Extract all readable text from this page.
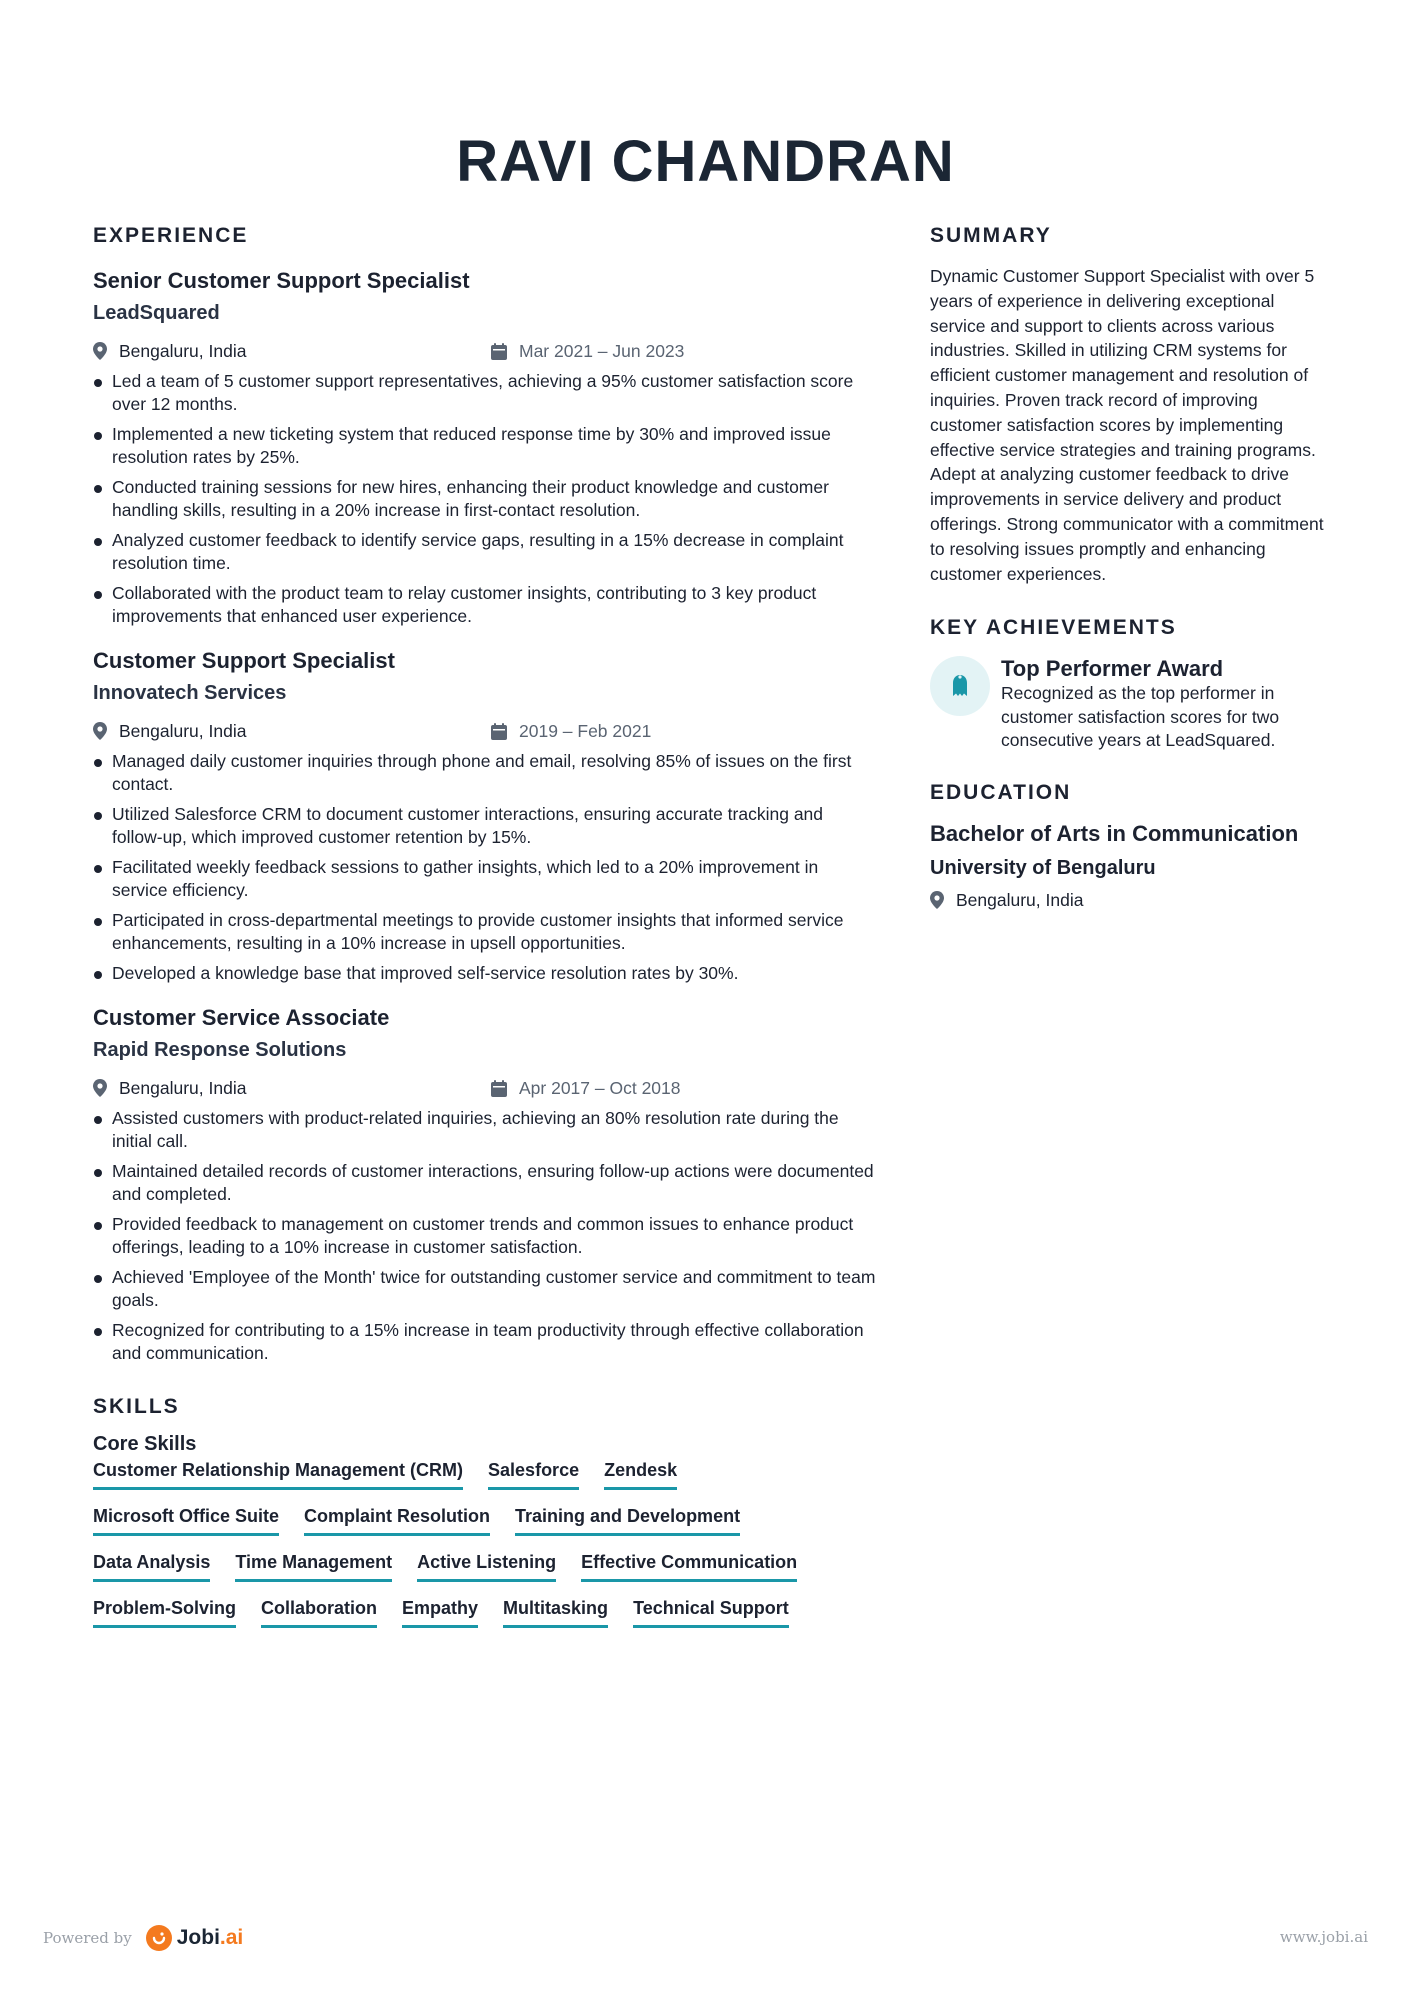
RAVI CHANDRAN
EXPERIENCE
Senior Customer Support Specialist
LeadSquared
Bengaluru, India	Mar 2021 – Jun 2023
Led a team of 5 customer support representatives, achieving a 95% customer satisfaction score over 12 months.
Implemented a new ticketing system that reduced response time by 30% and improved issue resolution rates by 25%.
Conducted training sessions for new hires, enhancing their product knowledge and customer handling skills, resulting in a 20% increase in first-contact resolution.
Analyzed customer feedback to identify service gaps, resulting in a 15% decrease in complaint resolution time.
Collaborated with the product team to relay customer insights, contributing to 3 key product improvements that enhanced user experience.
Customer Support Specialist
Innovatech Services
Bengaluru, India	2019 – Feb 2021
Managed daily customer inquiries through phone and email, resolving 85% of issues on the first contact.
Utilized Salesforce CRM to document customer interactions, ensuring accurate tracking and follow-up, which improved customer retention by 15%.
Facilitated weekly feedback sessions to gather insights, which led to a 20% improvement in service efficiency.
Participated in cross-departmental meetings to provide customer insights that informed service enhancements, resulting in a 10% increase in upsell opportunities.
Developed a knowledge base that improved self-service resolution rates by 30%.
Customer Service Associate
Rapid Response Solutions
Bengaluru, India	Apr 2017 – Oct 2018
Assisted customers with product-related inquiries, achieving an 80% resolution rate during the initial call.
Maintained detailed records of customer interactions, ensuring follow-up actions were documented and completed.
Provided feedback to management on customer trends and common issues to enhance product offerings, leading to a 10% increase in customer satisfaction.
Achieved 'Employee of the Month' twice for outstanding customer service and commitment to team goals.
Recognized for contributing to a 15% increase in team productivity through effective collaboration and communication.
SKILLS
Core Skills
Customer Relationship Management (CRM) Salesforce Zendesk
Microsoft Office Suite Complaint Resolution Training and Development
Data Analysis Time Management Active Listening Effective Communication
Problem-Solving Collaboration Empathy Multitasking Technical Support
SUMMARY
Dynamic Customer Support Specialist with over 5 years of experience in delivering exceptional service and support to clients across various industries. Skilled in utilizing CRM systems for efficient customer management and resolution of inquiries. Proven track record of improving customer satisfaction scores by implementing effective service strategies and training programs. Adept at analyzing customer feedback to drive improvements in service delivery and product offerings. Strong communicator with a commitment to resolving issues promptly and enhancing customer experiences.
KEY ACHIEVEMENTS
Top Performer Award
Recognized as the top performer in customer satisfaction scores for two consecutive years at LeadSquared.
EDUCATION
Bachelor of Arts in Communication
University of Bengaluru
Bengaluru, India
Powered by Jobi.ai	www.jobi.ai
